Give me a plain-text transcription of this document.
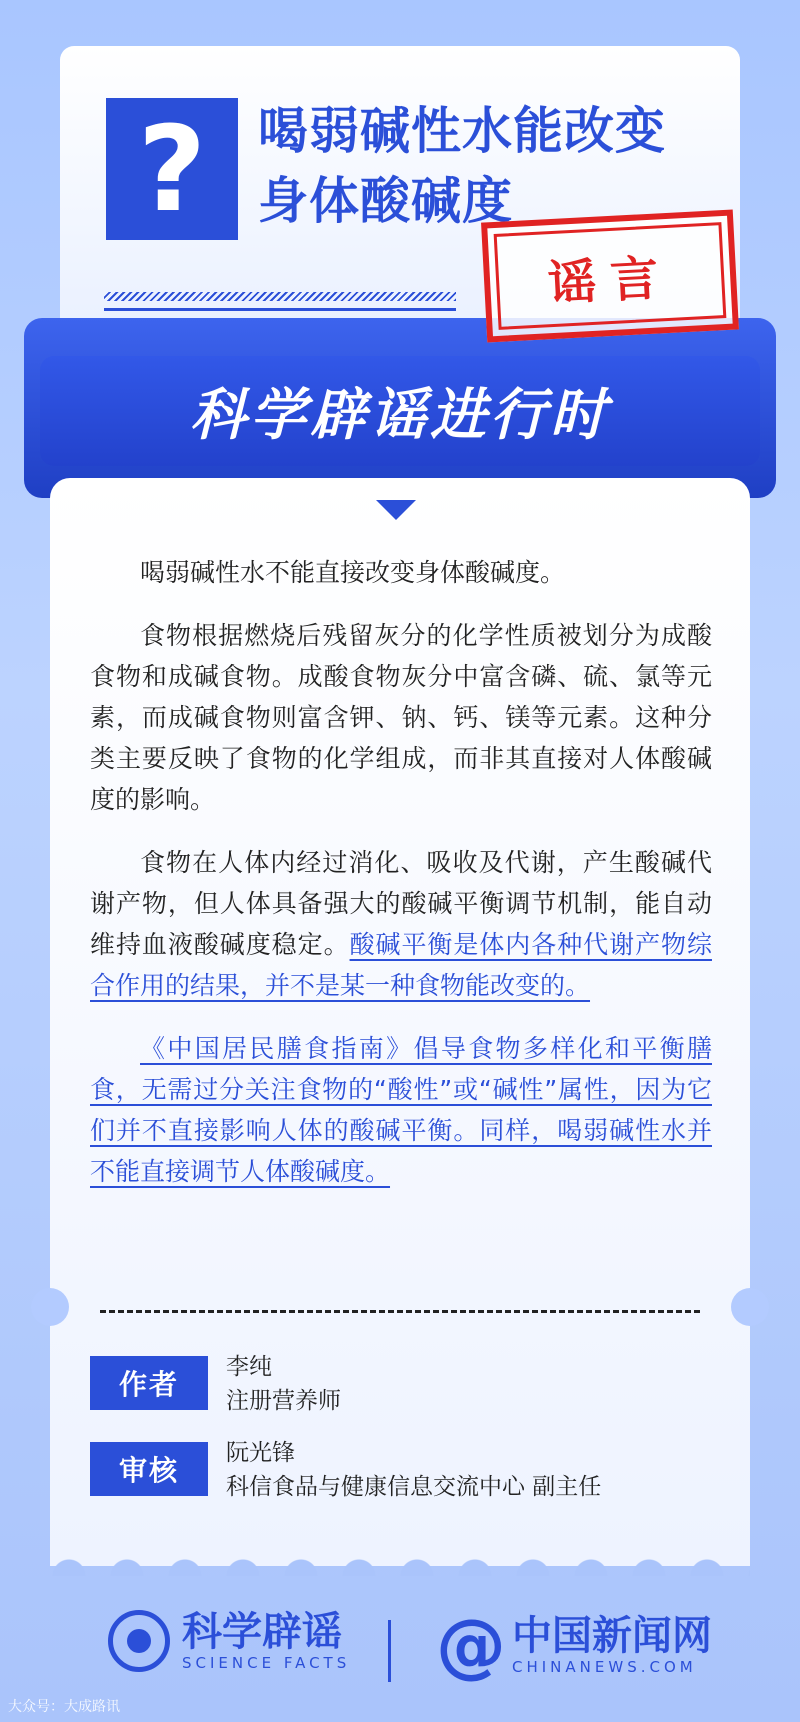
?	喝弱碱性水能改变
身体酸碱度
谣言
科学辟谣进行时

喝弱碱性水不能直接改变身体酸碱度。

食物根据燃烧后残留灰分的化学性质被划分为成酸食物和成碱食物。成酸食物灰分中富含磷、硫、氯等元素，而成碱食物则富含钾、钠、钙、镁等元素。这种分类主要反映了食物的化学组成，而非其直接对人体酸碱度的影响。

食物在人体内经过消化、吸收及代谢，产生酸碱代谢产物，但人体具备强大的酸碱平衡调节机制，能自动维持血液酸碱度稳定。酸碱平衡是体内各种代谢产物综合作用的结果，并不是某一种食物能改变的。

《中国居民膳食指南》倡导食物多样化和平衡膳食，无需过分关注食物的“酸性”或“碱性”属性，因为它们并不直接影响人体的酸碱平衡。同样，喝弱碱性水并不能直接调节人体酸碱度。

作者
李纯
注册营养师
审核
阮光锋
科信食品与健康信息交流中心 副主任
科学辟谣
SCIENCE FACTS @ 中国新闻网
CHINANEWS.COM
大众号：大成路讯
